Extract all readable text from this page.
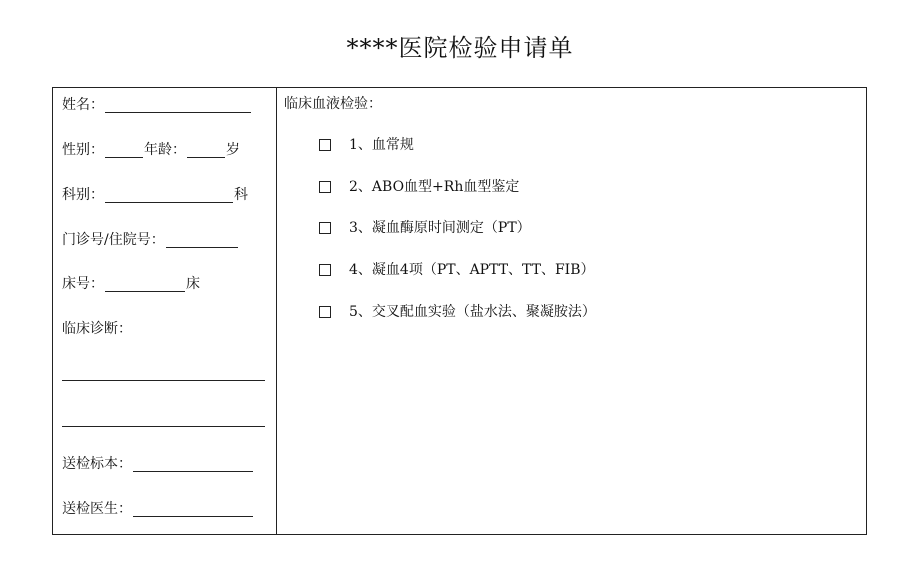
****医院检验申请单
姓名：
性别：	年龄：	岁
科别：	科
门诊号/住院号：
床号：	床
临床诊断：
送检标本：
送检医生：
临床血液检验：
1、血常规
2、ABO血型+Rh血型鉴定
3、凝血酶原时间测定（PT）
4、凝血4项（PT、APTT、TT、FIB）
5、交叉配血实验（盐水法、聚凝胺法）
